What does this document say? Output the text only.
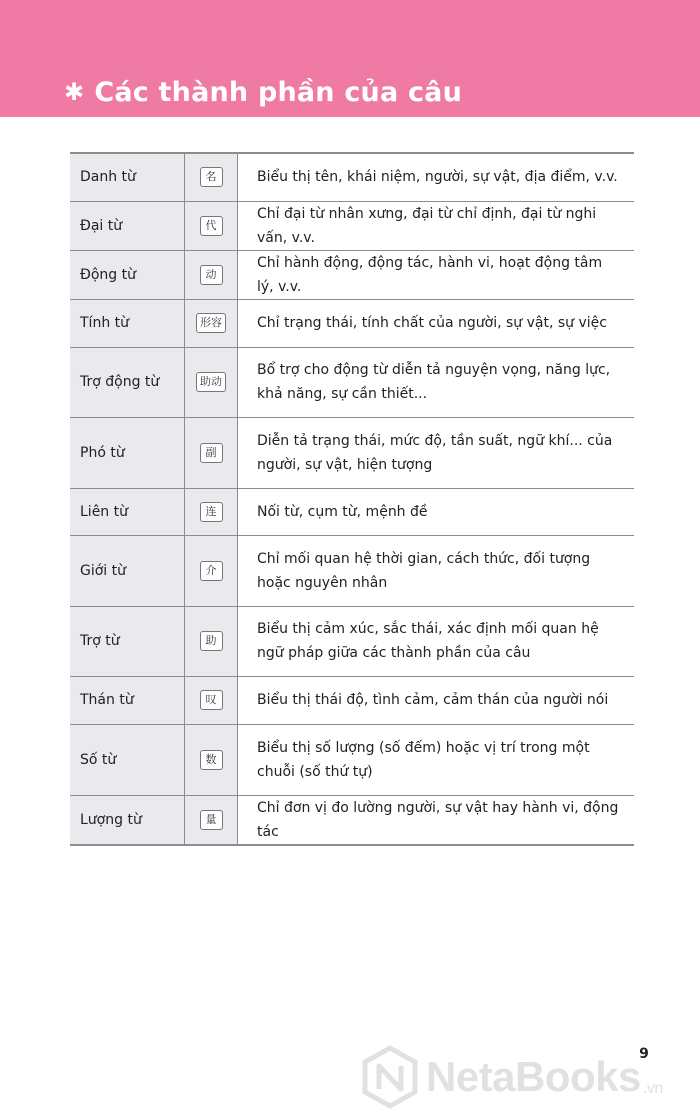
✱ Các thành phần của câu
Danh từ	名	Biểu thị tên, khái niệm, người, sự vật, địa điểm, v.v.
Đại từ	代	Chỉ đại từ nhân xưng, đại từ chỉ định, đại từ nghi vấn, v.v.
Động từ	动	Chỉ hành động, động tác, hành vi, hoạt động tâm lý, v.v.
Tính từ	形容	Chỉ trạng thái, tính chất của người, sự vật, sự việc
Trợ động từ	助动	Bổ trợ cho động từ diễn tả nguyện vọng, năng lực, khả năng, sự cần thiết...
Phó từ	副	Diễn tả trạng thái, mức độ, tần suất, ngữ khí... của người, sự vật, hiện tượng
Liên từ	连	Nối từ, cụm từ, mệnh đề
Giới từ	介	Chỉ mối quan hệ thời gian, cách thức, đối tượng hoặc nguyên nhân
Trợ từ	助	Biểu thị cảm xúc, sắc thái, xác định mối quan hệ ngữ pháp giữa các thành phần của câu
Thán từ	叹	Biểu thị thái độ, tình cảm, cảm thán của người nói
Số từ	数	Biểu thị số lượng (số đếm) hoặc vị trí trong một chuỗi (số thứ tự)
Lượng từ	量	Chỉ đơn vị đo lường người, sự vật hay hành vi, động tác
9
NetaBooks .vn
